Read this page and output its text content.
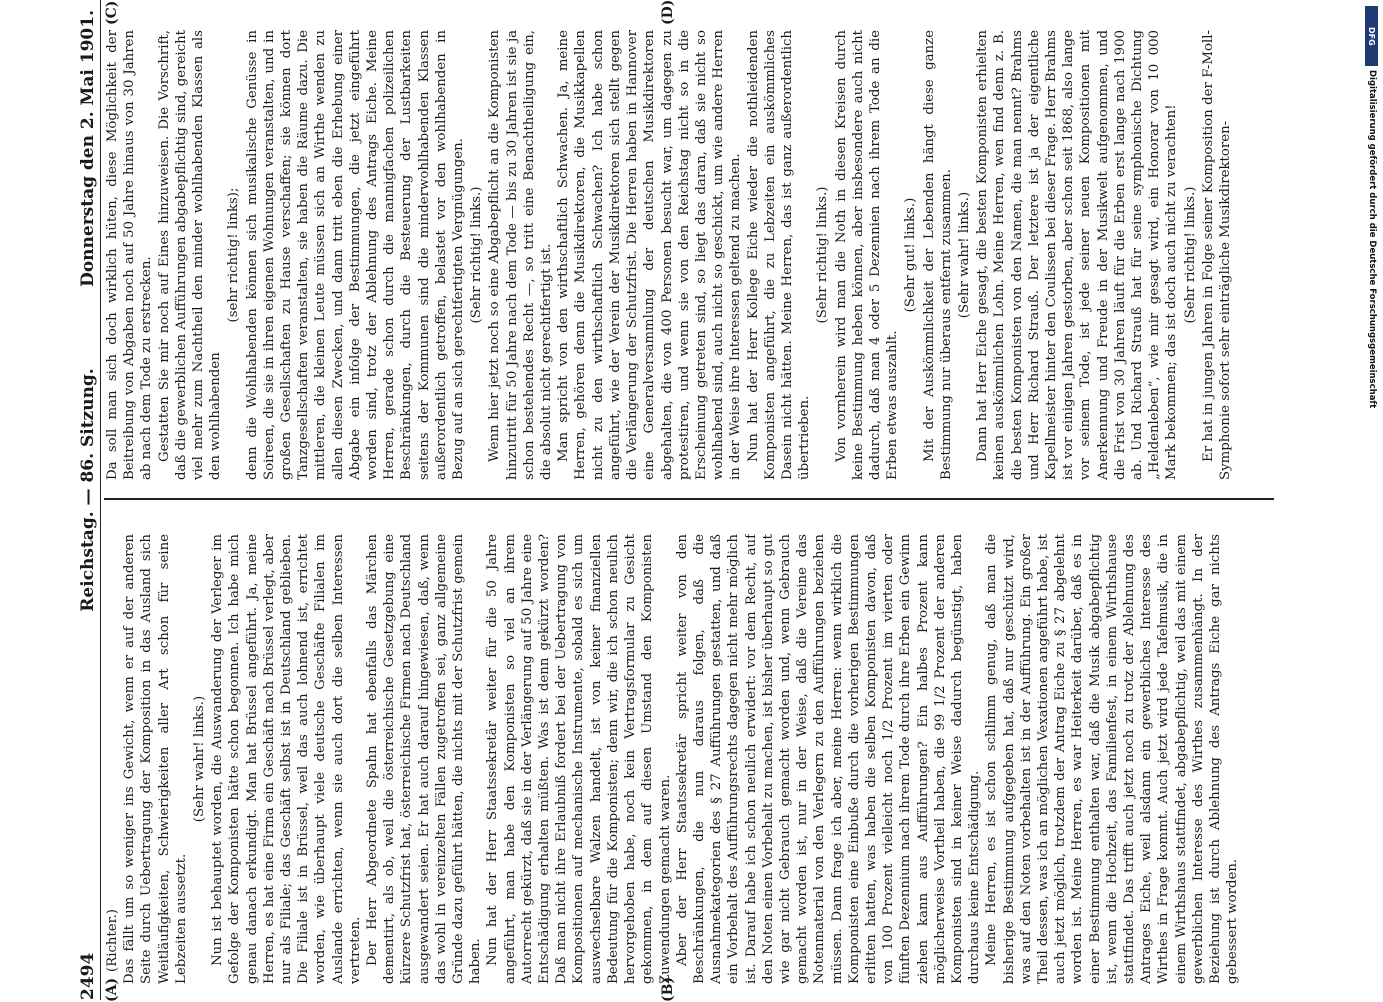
2494
Reichstag. — 86. Sitzung.
Donnerstag den 2. Mai 1901.
(A)	(B)
(C)	(D)

(Richter.) Das fällt um so weniger ins Gewicht, wenn er auf der anderen Seite durch Uebertragung der Komposition in das Ausland sich Weitläufigkeiten, Schwierigkeiten aller Art schon für seine Lebzeiten aussetzt.

(Sehr wahr! links.) Nun ist behauptet worden, die Auswanderung der Verleger im Gefolge der Komponisten hätte schon begonnen. Ich habe mich genau danach erkundigt. Man hat Brüssel angeführt. Ja, meine Herren, es hat eine Firma ein Geschäft nach Brüssel verlegt, aber nur als Filiale; das Geschäft selbst ist in Deutschland geblieben. Die Filiale ist in Brüssel, weil das auch lohnend ist, errichtet worden, wie überhaupt viele deutsche Geschäfte Filialen im Auslande errichten, wenn sie auch dort die selben Interessen vertreten. Der Herr Abgeordnete Spahn hat ebenfalls das Märchen dementirt, als ob, weil die österreichische Gesetzgebung eine kürzere Schutzfrist hat, österreichische Firmen nach Deutschland ausgewandert seien. Er hat auch darauf hingewiesen, daß, wenn das wohl in vereinzelten Fällen zugetroffen sei, ganz allgemeine Gründe dazu geführt hätten, die nichts mit der Schutzfrist gemein haben. Nun hat der Herr Staatssekretär weiter für die 50 Jahre angeführt, man habe den Komponisten so viel an ihrem Autorrecht gekürzt, daß sie in der Verlängerung auf 50 Jahre eine Entschädigung erhalten müßten. Was ist denn gekürzt worden? Daß man nicht ihre Erlaubniß fordert bei der Uebertragung von Kompositionen auf mechanische Instrumente, sobald es sich um auswechselbare Walzen handelt, ist von keiner finanziellen Bedeutung für die Komponisten; denn wir, die ich schon neulich hervorgehoben habe, noch kein Vertragsformular zu Gesicht gekommen, in dem auf diesen Umstand den Komponisten Zuwendungen gemacht waren. Aber der Herr Staatssekretär spricht weiter von den Beschränkungen, die nun daraus folgen, daß die Ausnahmekategorien des § 27 Aufführungen gestatten, und daß ein Vorbehalt des Aufführungsrechts dagegen nicht mehr möglich ist. Darauf habe ich schon neulich erwidert: vor dem Recht, auf den Noten einen Vorbehalt zu machen, ist bisher überhaupt so gut wie gar nicht Gebrauch gemacht worden und, wenn Gebrauch gemacht worden ist, nur in der Weise, daß die Vereine das Notenmaterial von den Verlegern zu den Aufführungen beziehen müssen. Dann frage ich aber, meine Herren: wenn wirklich die Komponisten eine Einbuße durch die vorherigen Bestimmungen erlitten hatten, was haben die selben Komponisten davon, daß von 100 Prozent vielleicht noch 1/2 Prozent im vierten oder fünften Dezennium nach ihrem Tode durch ihre Erben ein Gewinn ziehen kann aus Aufführungen? Ein halbes Prozent kann möglicherweise Vortheil haben, die 99 1/2 Prozent der anderen Komponisten sind in keiner Weise dadurch begünstigt, haben durchaus keine Entschädigung. Meine Herren, es ist schon schlimm genug, daß man die bisherige Bestimmung aufgegeben hat, daß nur geschützt wird, was auf den Noten vorbehalten ist in der Aufführung. Ein großer Theil dessen, was ich an möglichen Vexationen angeführt habe, ist auch jetzt möglich, trotzdem der Antrag Eiche zu § 27 abgelehnt worden ist. Meine Herren, es war Heiterkeit darüber, daß es in einer Bestimmung enthalten war, daß die Musik abgabepflichtig ist, wenn die Hochzeit, das Familienfest, in einem Wirthshause stattfindet. Das trifft auch jetzt noch zu trotz der Ablehnung des Antrages Eiche, weil alsdann ein gewerbliches Interesse des Wirthes in Frage kommt. Auch jetzt wird jede Tafelmusik, die in einem Wirthshaus stattfindet, abgabepflichtig, weil das mit einem gewerblichen Interesse des Wirthes zusammenhängt. In der Beziehung ist durch Ablehnung des Antrags Eiche gar nichts gebessert worden.

Da soll man sich doch wirklich hüten, diese Möglichkeit der Beitreibung von Abgaben noch auf 50 Jahre hinaus von 30 Jahren ab nach dem Tode zu erstrecken. Gestatten Sie mir noch auf Eines hinzuweisen. Die Vorschrift, daß die gewerblichen Aufführungen abgabepflichtig sind, gereicht viel mehr zum Nachtheil den minder wohlhabenden Klassen als den wohlhabenden

(sehr richtig! links); denn die Wohlhabenden können sich musikalische Genüsse in Soireen, die sie in ihren eigenen Wohnungen veranstalten, und in großen Gesellschaften zu Hause verschaffen; sie können dort Tanzgesellschaften veranstalten, sie haben die Räume dazu. Die mittleren, die kleinen Leute müssen sich an Wirthe wenden zu allen diesen Zwecken, und dann tritt eben die Erhebung einer Abgabe ein infolge der Bestimmungen, die jetzt eingeführt worden sind, trotz der Ablehnung des Antrags Eiche. Meine Herren, gerade schon durch die mannigfachen polizeilichen Beschränkungen, durch die Besteuerung der Lustbarkeiten seitens der Kommunen sind die minderwohlhabenden Klassen außerordentlich getroffen, belastet vor den wohlhabenden in Bezug auf an sich gerechtfertigten Vergnügungen. (Sehr richtig! links.) Wenn hier jetzt noch so eine Abgabepflicht an die Komponisten hinzutritt für 50 Jahre nach dem Tode — bis zu 30 Jahren ist sie ja schon bestehendes Recht —, so tritt eine Benachtheiligung ein, die absolut nicht gerechtfertigt ist. Man spricht von den wirthschaftlich Schwachen. Ja, meine Herren, gehören denn die Musikdirektoren, die Musikkapellen nicht zu den wirthschaftlich Schwachen? Ich habe schon angeführt, wie der Verein der Musikdirektoren sich stellt gegen die Verlängerung der Schutzfrist. Die Herren haben in Hannover eine Generalversammlung der deutschen Musikdirektoren abgehalten, die von 400 Personen besucht war, um dagegen zu protestiren, und wenn sie von den Reichstag nicht so in die Erscheinung getreten sind, so liegt das daran, daß sie nicht so wohlhabend sind, auch nicht so geschickt, um wie andere Herren in der Weise ihre Interessen geltend zu machen. Nun hat der Herr Kollege Eiche wieder die nothleidenden Komponisten angeführt, die zu Lebzeiten ein auskömmliches Dasein nicht hätten. Meine Herren, das ist ganz außerordentlich übertrieben.

(Sehr richtig! links.) Von vornherein wird man die Noth in diesen Kreisen durch keine Bestimmung heben können, aber insbesondere auch nicht dadurch, daß man 4 oder 5 Dezennien nach ihrem Tode an die Erben etwas auszahlt.

(Sehr gut! links.) Mit der Auskömmlichkeit der Lebenden hängt diese ganze Bestimmung nur überaus entfernt zusammen. (Sehr wahr! links.) Dann hat Herr Eiche gesagt, die besten Komponisten erhielten keinen auskömmlichen Lohn. Meine Herren, wen find denn z. B. die besten Komponisten von den Namen, die man nennt? Brahms und Herr Richard Strauß. Der letztere ist ja der eigentliche Kapellmeister hinter den Coulissen bei dieser Frage. Herr Brahms ist vor einigen Jahren gestorben, aber schon seit 1868, also lange vor seinem Tode, ist jede seiner neuen Kompositionen mit Anerkennung und Freude in der Musikwelt aufgenommen, und die Frist von 30 Jahren läuft für die Erben erst lange nach 1900 ab. Und Richard Strauß hat für seine symphonische Dichtung „Heldenleben“, wie mir gesagt wird, ein Honorar von 10 000 Mark bekommen; das ist doch auch nicht zu verachten! (Sehr richtig! links.) Er hat in jungen Jahren in Folge seiner Komposition der F-Moll-Symphonie sofort sehr einträgliche Musikdirektoren-

DFG
Digitalisierung gefördert durch die Deutsche Forschungsgemeinschaft
